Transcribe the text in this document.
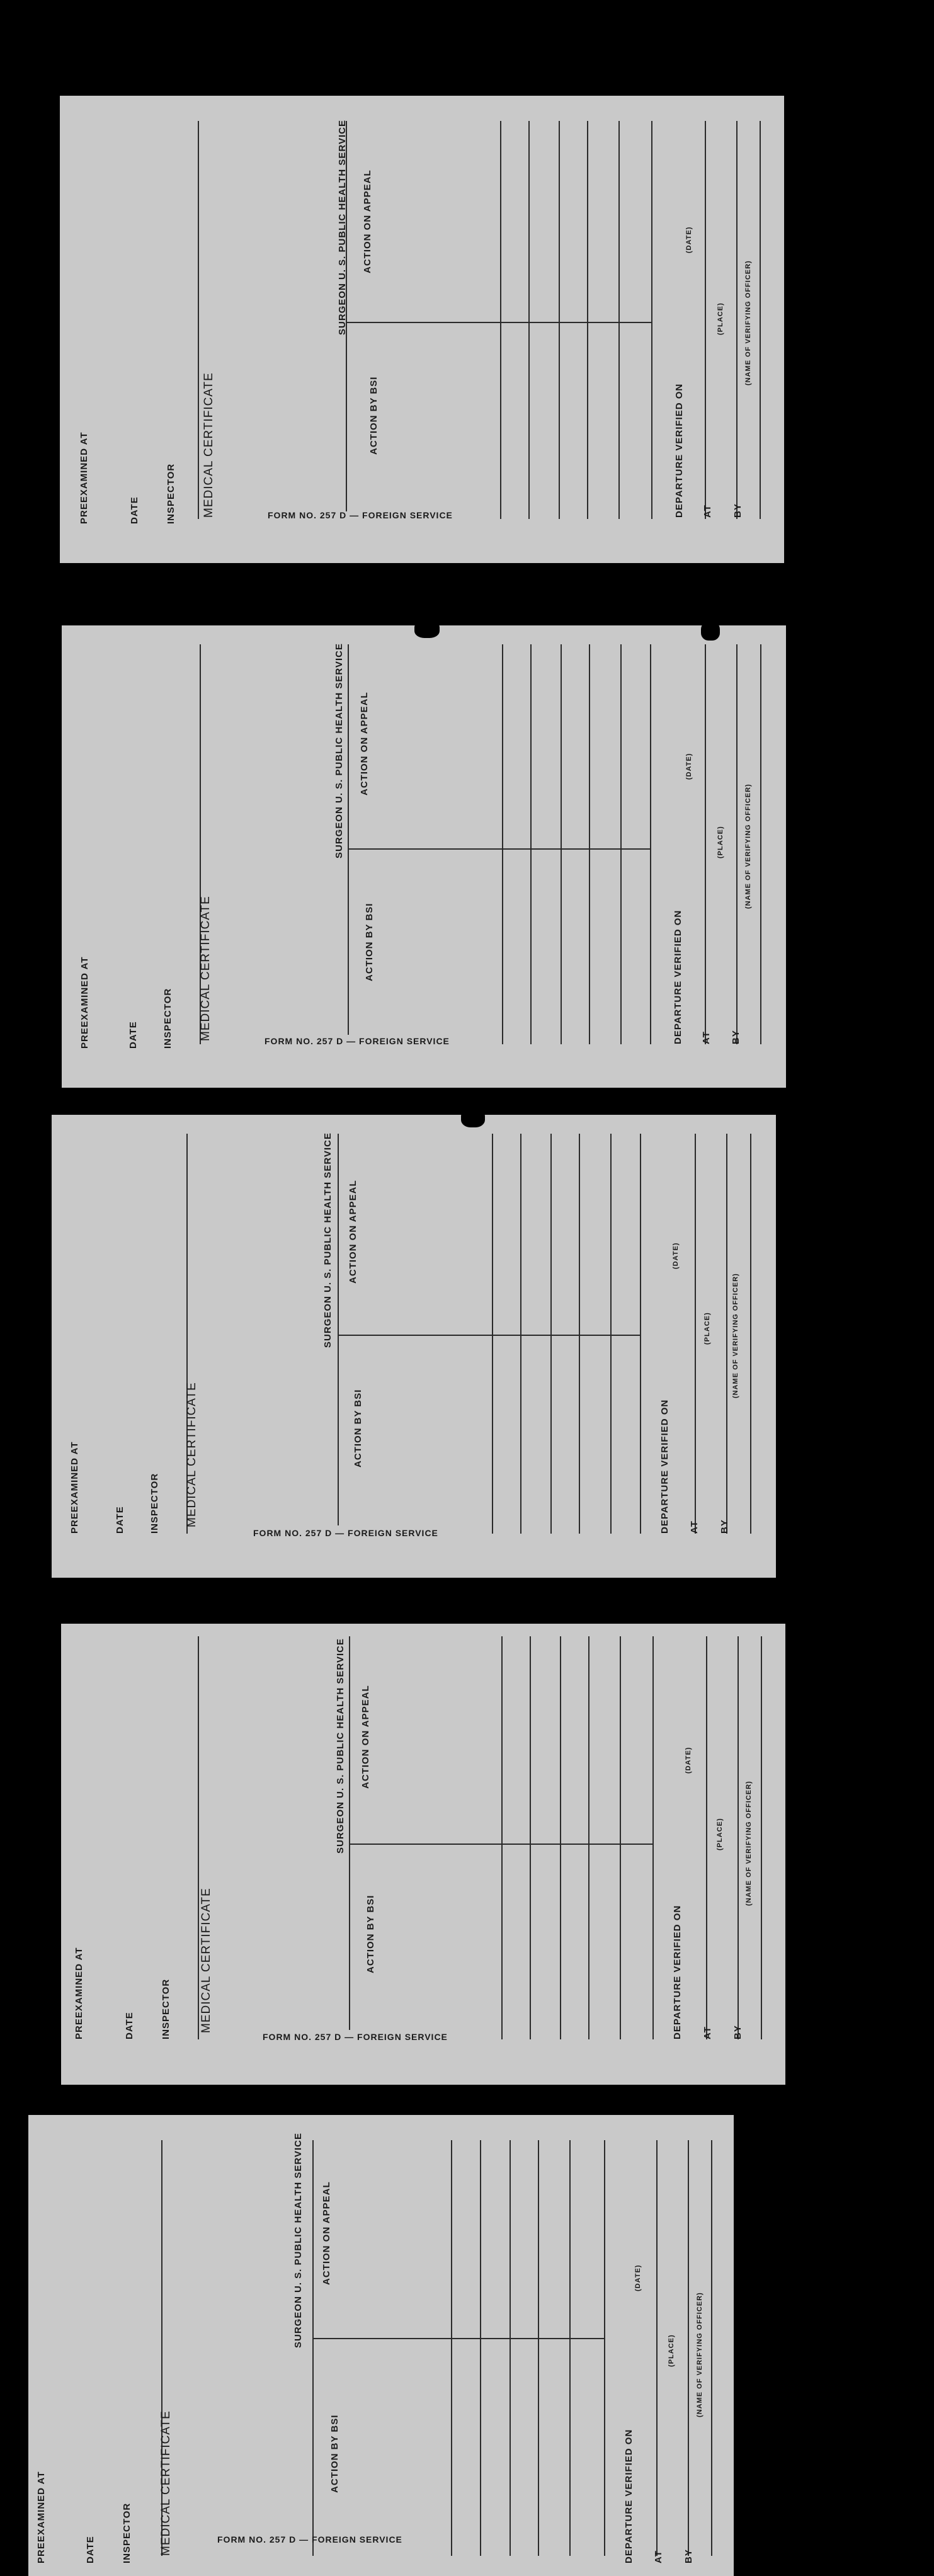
PREEXAMINED AT	DATE	INSPECTOR MEDICAL CERTIFICATE	ACTION BY BSI
SURGEON U. S. PUBLIC HEALTH SERVICE ACTION ON APPEAL
DEPARTURE VERIFIED ON
(DATE)
AT
(PLACE)
BY
(NAME OF VERIFYING OFFICER)
FORM NO. 257 D — FOREIGN SERVICE
PREEXAMINED AT	DATE	INSPECTOR MEDICAL CERTIFICATE	ACTION BY BSI
SURGEON U. S. PUBLIC HEALTH SERVICE ACTION ON APPEAL
DEPARTURE VERIFIED ON
(DATE)
AT
(PLACE)
BY
(NAME OF VERIFYING OFFICER)
FORM NO. 257 D — FOREIGN SERVICE
PREEXAMINED AT	DATE	INSPECTOR MEDICAL CERTIFICATE	ACTION BY BSI
SURGEON U. S. PUBLIC HEALTH SERVICE ACTION ON APPEAL
DEPARTURE VERIFIED ON
(DATE)
AT
(PLACE)
BY
(NAME OF VERIFYING OFFICER)
FORM NO. 257 D — FOREIGN SERVICE
PREEXAMINED AT	DATE	INSPECTOR MEDICAL CERTIFICATE	ACTION BY BSI
SURGEON U. S. PUBLIC HEALTH SERVICE ACTION ON APPEAL
DEPARTURE VERIFIED ON
(DATE)
AT
(PLACE)
BY
(NAME OF VERIFYING OFFICER)
FORM NO. 257 D — FOREIGN SERVICE
PREEXAMINED AT	DATE	INSPECTOR MEDICAL CERTIFICATE	ACTION BY BSI
SURGEON U. S. PUBLIC HEALTH SERVICE ACTION ON APPEAL
DEPARTURE VERIFIED ON
(DATE)
AT
(PLACE)
BY
(NAME OF VERIFYING OFFICER)
FORM NO. 257 D — FOREIGN SERVICE
